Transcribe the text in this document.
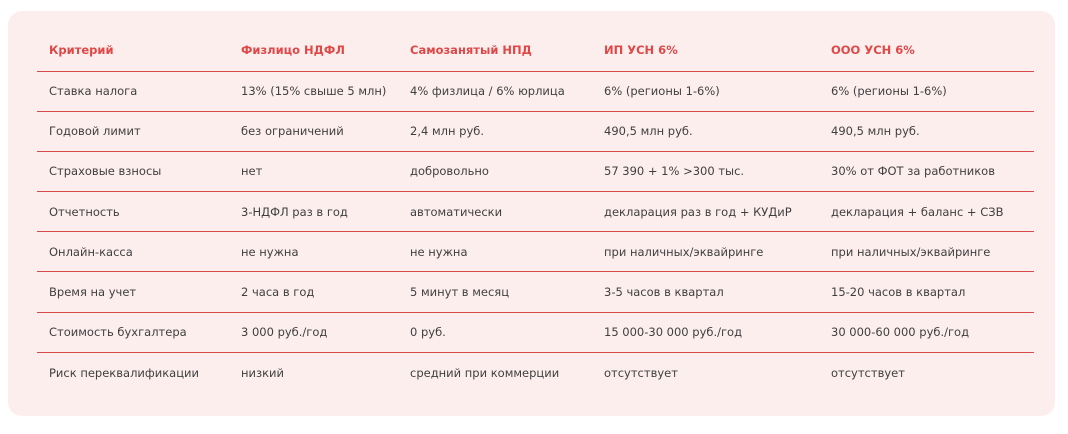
Критерий	Физлицо НДФЛ	Самозанятый НПД	ИП УСН 6%	ООО УСН 6%
Ставка налога	13% (15% свыше 5 млн)	4% физлица / 6% юрлица	6% (регионы 1-6%)	6% (регионы 1-6%)
Годовой лимит	без ограничений	2,4 млн руб.	490,5 млн руб.	490,5 млн руб.
Страховые взносы	нет	добровольно	57 390 + 1% >300 тыс.	30% от ФОТ за работников
Отчетность	3-НДФЛ раз в год	автоматически	декларация раз в год + КУДиР	декларация + баланс + СЗВ
Онлайн-касса	не нужна	не нужна	при наличных/эквайринге	при наличных/эквайринге
Время на учет	2 часа в год	5 минут в месяц	3-5 часов в квартал	15-20 часов в квартал
Стоимость бухгалтера	3 000 руб./год	0 руб.	15 000-30 000 руб./год	30 000-60 000 руб./год
Риск переквалификации	низкий	средний при коммерции	отсутствует	отсутствует
